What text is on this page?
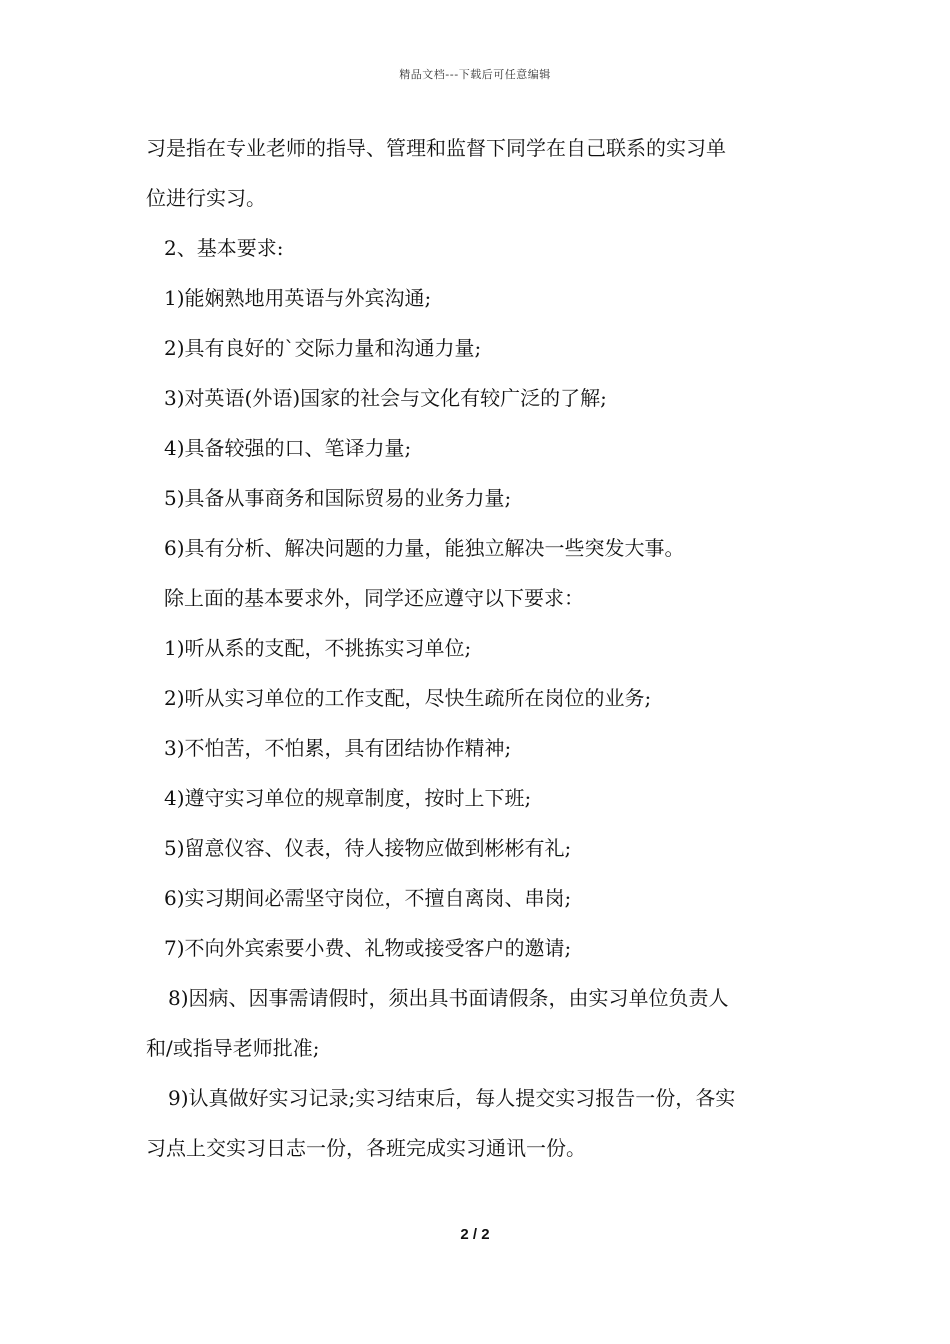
精品文档---下载后可任意编辑
习是指在专业老师的指导、管理和监督下同学在自己联系的实习单
位进行实习。
2、基本要求:
1)能娴熟地用英语与外宾沟通;
2)具有良好的`交际力量和沟通力量;
3)对英语(外语)国家的社会与文化有较广泛的了解;
4)具备较强的口、笔译力量;
5)具备从事商务和国际贸易的业务力量;
6)具有分析、解决问题的力量，能独立解决一些突发大事。
除上面的基本要求外，同学还应遵守以下要求：
1)听从系的支配，不挑拣实习单位;
2)听从实习单位的工作支配，尽快生疏所在岗位的业务;
3)不怕苦，不怕累，具有团结协作精神;
4)遵守实习单位的规章制度，按时上下班;
5)留意仪容、仪表，待人接物应做到彬彬有礼;
6)实习期间必需坚守岗位，不擅自离岗、串岗;
7)不向外宾索要小费、礼物或接受客户的邀请;
8)因病、因事需请假时，须出具书面请假条，由实习单位负责人
和/或指导老师批准;
9)认真做好实习记录;实习结束后，每人提交实习报告一份，各实
习点上交实习日志一份，各班完成实习通讯一份。
2 / 2
